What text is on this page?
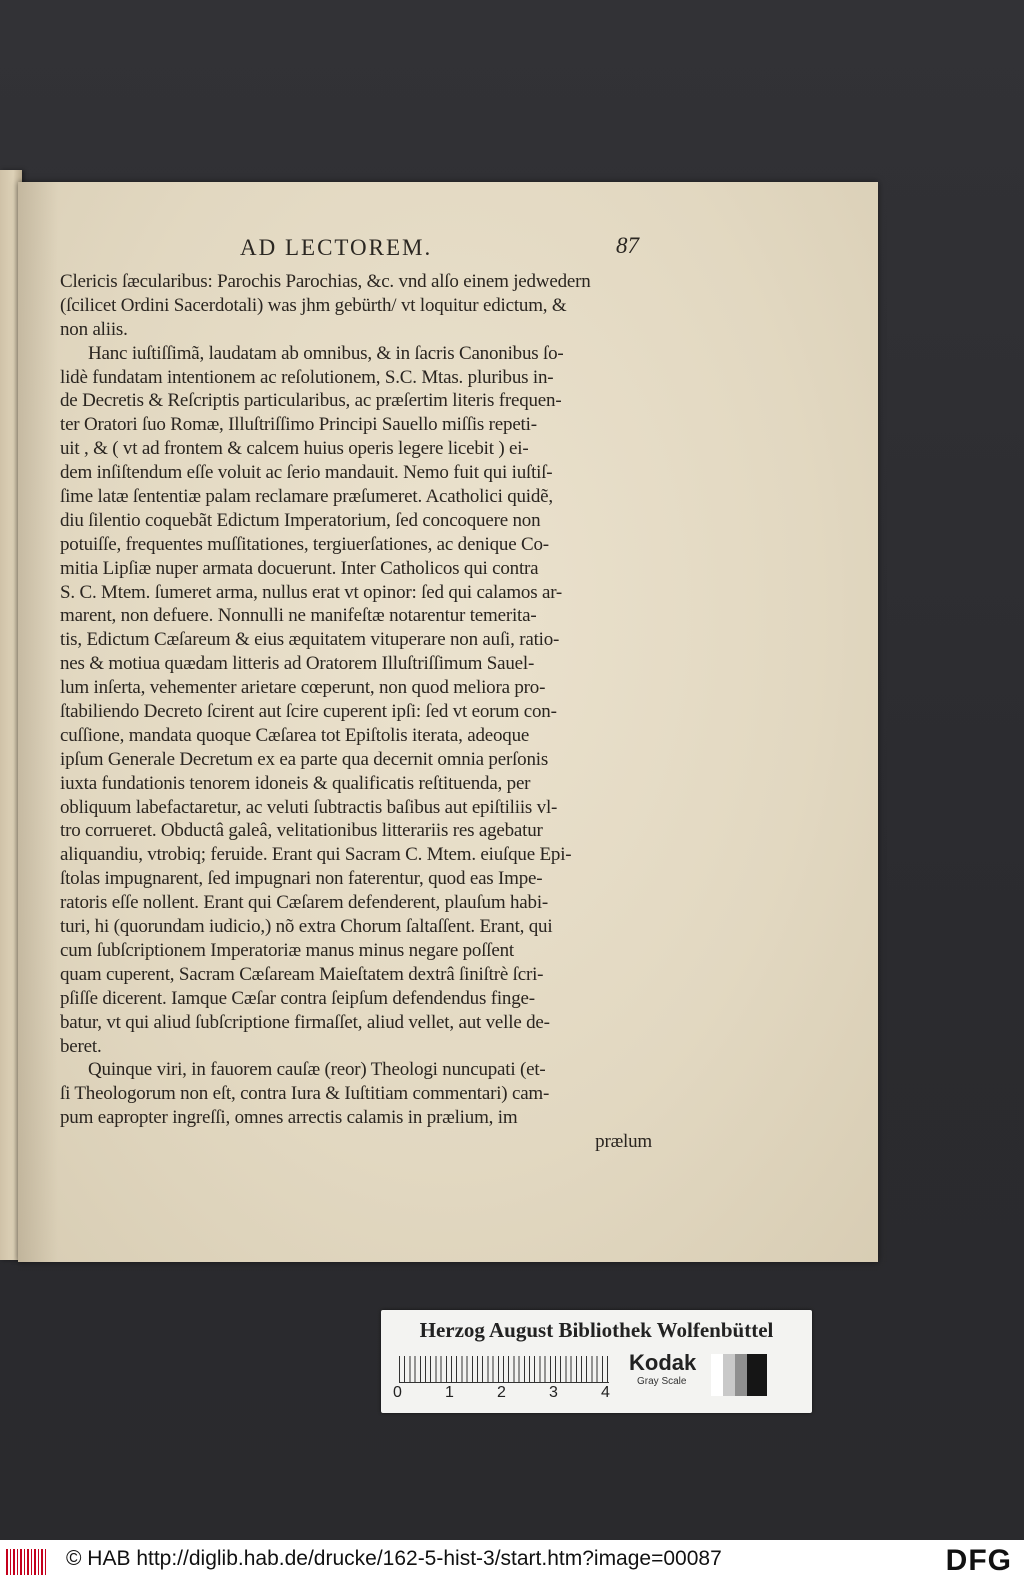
AD LECTOREM.	87
Clericis ſæcularibus: Parochis Parochias, &c. vnd alſo einem jedwedern
(ſcilicet Ordini Sacerdotali) was jhm gebürth/ vt loquitur edictum, &
non aliis.
Hanc iuſtiſſimã, laudatam ab omnibus, & in ſacris Canonibus ſo-
lidè fundatam intentionem ac reſolutionem, S.C. Mtas. pluribus in-
de Decretis & Reſcriptis particularibus, ac præſertim literis frequen-
ter Oratori ſuo Romæ, Illuſtriſſimo Principi Sauello miſſis repeti-
uit , & ( vt ad frontem & calcem huius operis legere licebit ) ei-
dem inſiſtendum eſſe voluit ac ſerio mandauit. Nemo fuit qui iuſtiſ-
ſime latæ ſententiæ palam reclamare præſumeret. Acatholici quidẽ,
diu ſilentio coquebãt Edictum Imperatorium, ſed concoquere non
potuiſſe, frequentes muſſitationes, tergiuerſationes, ac denique Co-
mitia Lipſiæ nuper armata docuerunt. Inter Catholicos qui contra
S. C. Mtem. ſumeret arma, nullus erat vt opinor: ſed qui calamos ar-
marent, non defuere. Nonnulli ne manifeſtæ notarentur temerita-
tis, Edictum Cæſareum & eius æquitatem vituperare non auſi, ratio-
nes & motiua quædam litteris ad Oratorem Illuſtriſſimum Sauel-
lum inſerta, vehementer arietare cœperunt, non quod meliora pro-
ſtabiliendo Decreto ſcirent aut ſcire cuperent ipſi: ſed vt eorum con-
cuſſione, mandata quoque Cæſarea tot Epiſtolis iterata, adeoque
ipſum Generale Decretum ex ea parte qua decernit omnia perſonis
iuxta fundationis tenorem idoneis & qualificatis reſtituenda, per
obliquum labefactaretur, ac veluti ſubtractis baſibus aut epiſtiliis vl-
tro corrueret. Obductâ galeâ, velitationibus litterariis res agebatur
aliquandiu, vtrobiq; feruide. Erant qui Sacram C. Mtem. eiuſque Epi-
ſtolas impugnarent, ſed impugnari non faterentur, quod eas Impe-
ratoris eſſe nollent. Erant qui Cæſarem defenderent, plauſum habi-
turi, hi (quorundam iudicio,) nõ extra Chorum ſaltaſſent. Erant, qui
cum ſubſcriptionem Imperatoriæ manus minus negare poſſent
quam cuperent, Sacram Cæſaream Maieſtatem dextrâ ſiniſtrè ſcri-
pſiſſe dicerent. Iamque Cæſar contra ſeipſum defendendus finge-
batur, vt qui aliud ſubſcriptione firmaſſet, aliud vellet, aut velle de-
beret.
Quinque viri, in fauorem cauſæ (reor) Theologi nuncupati (et-
ſi Theologorum non eſt, contra Iura & Iuſtitiam commentari) cam-
pum eapropter ingreſſi, omnes arrectis calamis in prælium, im
prælum
Herzog August Bibliothek Wolfenbüttel
0	1	2	3	4
Kodak
Gray Scale
© HAB http://diglib.hab.de/drucke/162-5-hist-3/start.htm?image=00087	DFG
